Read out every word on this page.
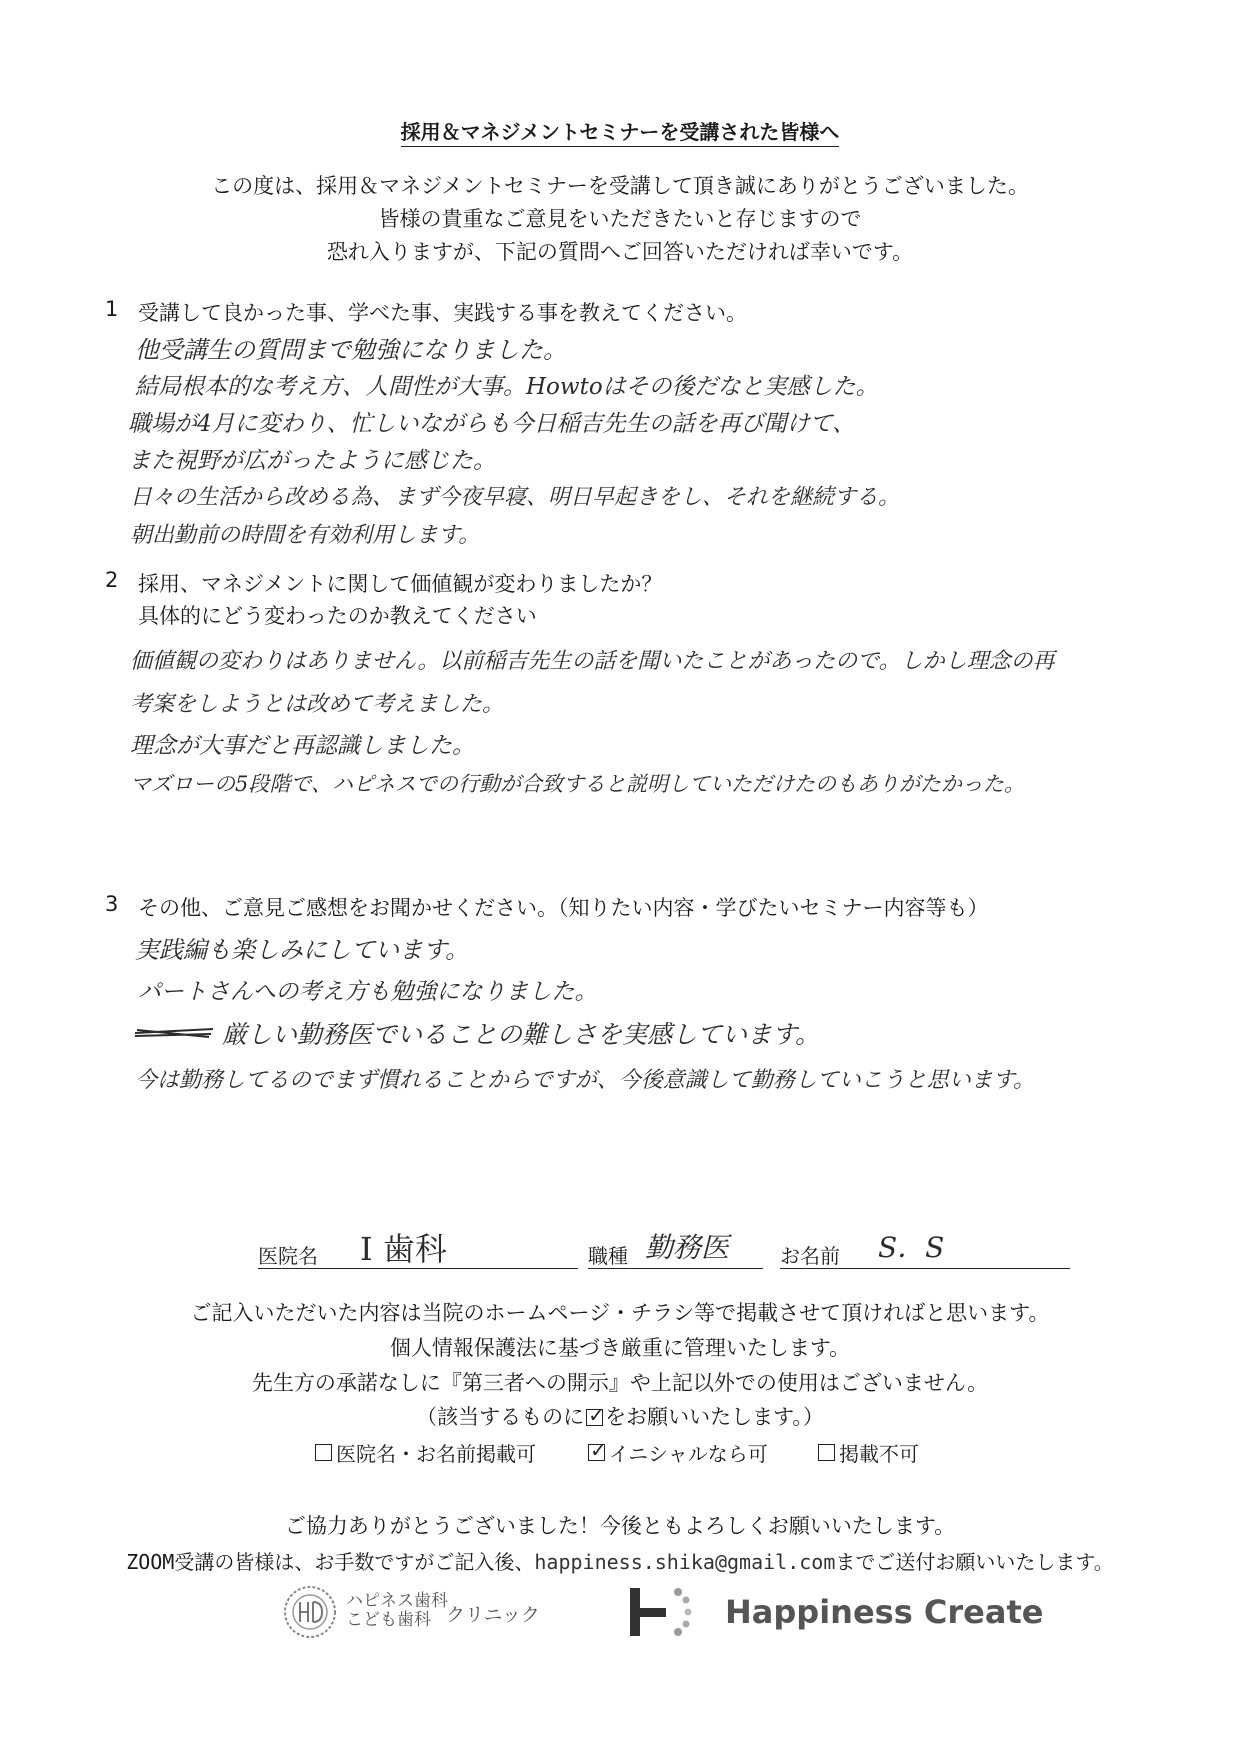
採用＆マネジメントセミナーを受講された皆様へ
この度は、採用＆マネジメントセミナーを受講して頂き誠にありがとうございました。
皆様の貴重なご意見をいただきたいと存じますので
恐れ入りますが、下記の質問へご回答いただければ幸いです。
1 受講して良かった事、学べた事、実践する事を教えてください。
他受講生の質問まで勉強になりました。
結局根本的な考え方、人間性が大事。Howtoはその後だなと実感した。
職場が4月に変わり、忙しいながらも今日稲吉先生の話を再び聞けて、
また視野が広がったように感じた。
日々の生活から改める為、まず今夜早寝、明日早起きをし、それを継続する。
朝出勤前の時間を有効利用します。
2 採用、マネジメントに関して価値観が変わりましたか？
具体的にどう変わったのか教えてください
価値観の変わりはありません。以前稲吉先生の話を聞いたことがあったので。しかし理念の再考案をしようとは改めて考えました。
理念が大事だと再認識しました。
マズローの5段階で、ハピネスでの行動が合致すると説明していただけたのもありがたかった。
3 その他、ご意見ご感想をお聞かせください。（知りたい内容・学びたいセミナー内容等も）
実践編も楽しみにしています。
パートさんへの考え方も勉強になりました。
厳しい勤務医でいることの難しさを実感しています。
今は勤務してるのでまず慣れることからですが、今後意識して勤務していこうと思います。
医院名 I 歯科	職種 勤務医	お名前 S．S
ご記入いただいた内容は当院のホームページ・チラシ等で掲載させて頂ければと思います。
個人情報保護法に基づき厳重に管理いたします。
先生方の承諾なしに『第三者への開示』や上記以外での使用はございません。
（該当するものに ✓ をお願いいたします。）
医院名・お名前掲載可 ✓	イニシャルなら可	掲載不可
ご協力ありがとうございました！今後ともよろしくお願いいたします。
ZOOM受講の皆様は、お手数ですがご記入後、happiness.shika@gmail.comまでご送付お願いいたします。
ハピネス歯科
こども歯科 クリニック	Happiness Create
